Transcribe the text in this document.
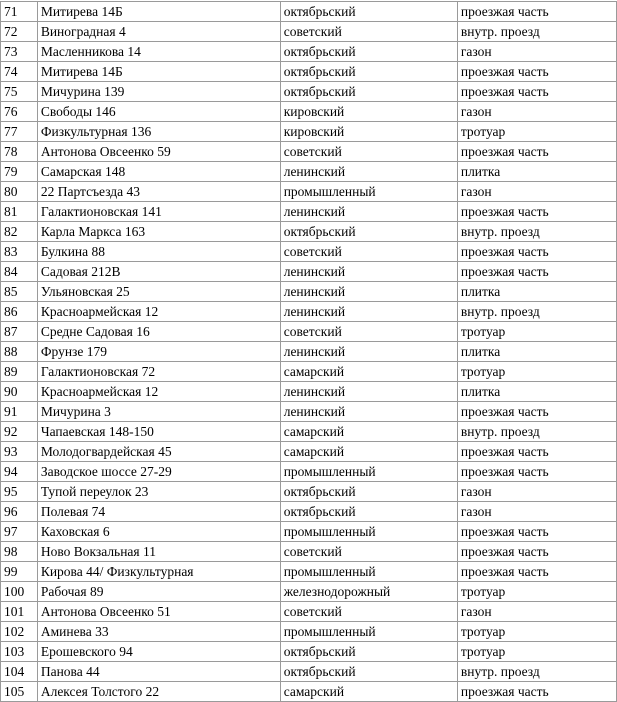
71	Митирева 14Б	октябрьский	проезжая часть
72	Виноградная 4	советский	внутр. проезд
73	Масленникова 14	октябрьский	газон
74	Митирева 14Б	октябрьский	проезжая часть
75	Мичурина 139	октябрьский	проезжая часть
76	Свободы 146	кировский	газон
77	Физкультурная 136	кировский	тротуар
78	Антонова Овсеенко 59	советский	проезжая часть
79	Самарская 148	ленинский	плитка
80	22 Партсъезда 43	промышленный	газон
81	Галактионовская 141	ленинский	проезжая часть
82	Карла Маркса 163	октябрьский	внутр. проезд
83	Булкина 88	советский	проезжая часть
84	Садовая 212В	ленинский	проезжая часть
85	Ульяновская 25	ленинский	плитка
86	Красноармейская 12	ленинский	внутр. проезд
87	Средне Садовая 16	советский	тротуар
88	Фрунзе 179	ленинский	плитка
89	Галактионовская 72	самарский	тротуар
90	Красноармейская 12	ленинский	плитка
91	Мичурина 3	ленинский	проезжая часть
92	Чапаевская 148-150	самарский	внутр. проезд
93	Молодогвардейская 45	самарский	проезжая часть
94	Заводское шоссе 27-29	промышленный	проезжая часть
95	Тупой переулок 23	октябрьский	газон
96	Полевая 74	октябрьский	газон
97	Каховская 6	промышленный	проезжая часть
98	Ново Вокзальная 11	советский	проезжая часть
99	Кирова 44/ Физкультурная	промышленный	проезжая часть
100	Рабочая 89	железнодорожный	тротуар
101	Антонова Овсеенко 51	советский	газон
102	Аминева 33	промышленный	тротуар
103	Ерошевского 94	октябрьский	тротуар
104	Панова 44	октябрьский	внутр. проезд
105	Алексея Толстого 22	самарский	проезжая часть
